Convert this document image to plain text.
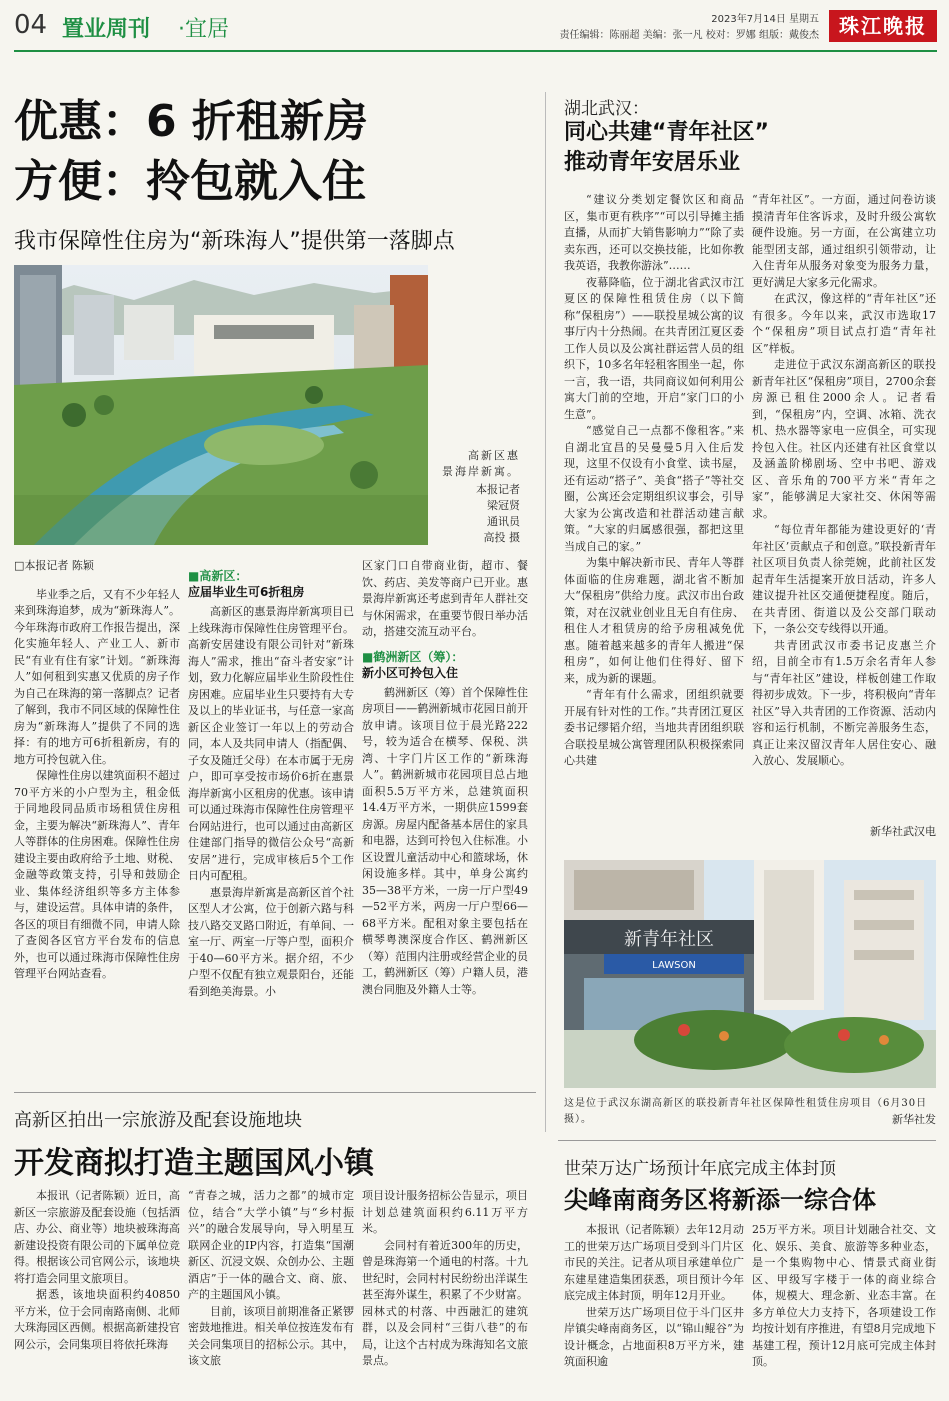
04 置业周刊 ·宜居	2023年7月14日 星期五
责任编辑：陈丽超 美编：张一凡 校对：罗娜 组版：戴俊杰	珠江晚报
优惠：6 折租新房
方便：拎包就入住
我市保障性住房为“新珠海人”提供第一落脚点
高新区惠
景海岸新寓。
本报记者
梁冠贤
通讯员
高投 摄
□本报记者 陈颖

毕业季之后，又有不少年轻人来到珠海追梦，成为“新珠海人”。今年珠海市政府工作报告提出，深化实施年轻人、产业工人、新市民“有业有住有家”计划。“新珠海人”如何租到实惠又优质的房子作为自己在珠海的第一落脚点？记者了解到，我市不同区域的保障性住房为“新珠海人”提供了不同的选择：有的地方可6折租新房，有的地方可拎包就入住。

保障性住房以建筑面积不超过70平方米的小户型为主，租金低于同地段同品质市场租赁住房租金，主要为解决“新珠海人”、青年人等群体的住房困难。保障性住房建设主要由政府给予土地、财税、金融等政策支持，引导和鼓励企业、集体经济组织等多方主体参与，建设运营。具体申请的条件，各区的项目有细微不同，申请人除了查阅各区官方平台发布的信息外，也可以通过珠海市保障性住房管理平台网站查看。

■高新区：
应届毕业生可6折租房

高新区的惠景海岸新寓项目已上线珠海市保障性住房管理平台。高新安居建设有限公司针对“新珠海人”需求，推出“奋斗者安家”计划，致力化解应届毕业生阶段性住房困难。应届毕业生只要持有大专及以上的毕业证书，与任意一家高新区企业签订一年以上的劳动合同，本人及共同申请人（指配偶、子女及随迁父母）在本市属于无房户，即可享受按市场价6折在惠景海岸新寓小区租房的优惠。该申请可以通过珠海市保障性住房管理平台网站进行，也可以通过由高新区住建部门指导的微信公众号“高新安居”进行，完成审核后5个工作日内可配租。

惠景海岸新寓是高新区首个社区型人才公寓，位于创新六路与科技八路交叉路口附近，有单间、一室一厅、两室一厅等户型，面积介于40—60平方米。据介绍，不少户型不仅配有独立观景阳台，还能看到绝美海景。小

区家门口自带商业街，超市、餐饮、药店、美发等商户已开业。惠景海岸新寓还考虑到青年人群社交与休闲需求，在重要节假日举办活动，搭建交流互动平台。

■鹤洲新区（筹）：
新小区可拎包入住

鹤洲新区（筹）首个保障性住房项目——鹤洲新城市花园日前开放申请。该项目位于晨光路222号，较为适合在横琴、保税、洪湾、十字门片区工作的“新珠海人”。鹤洲新城市花园项目总占地面积5.5万平方米，总建筑面积14.4万平方米，一期供应1599套房源。房屋内配备基本居住的家具和电器，达到可拎包入住标准。小区设置儿童活动中心和篮球场，休闲设施多样。其中，单身公寓约35—38平方米，一房一厅户型49—52平方米，两房一厅户型66—68平方米。配租对象主要包括在横琴粤澳深度合作区、鹤洲新区（筹）范围内注册或经营企业的员工，鹤洲新区（筹）户籍人员，港澳台同胞及外籍人士等。

湖北武汉：
同心共建“青年社区”
推动青年安居乐业

“建议分类划定餐饮区和商品区，集市更有秩序”“可以引导摊主插直播，从而扩大销售影响力”“除了卖卖东西，还可以交换技能，比如你教我英语，我教你游泳”……

夜幕降临，位于湖北省武汉市江夏区的保障性租赁住房（以下简称“保租房”）——联投星城公寓的议事厅内十分热闹。在共青团江夏区委工作人员以及公寓社群运营人员的组织下，10多名年轻租客围坐一起，你一言，我一语，共同商议如何利用公寓大门前的空地，开启“家门口的小生意”。

“感觉自己一点都不像租客。”来自湖北宜昌的吴曼曼5月入住后发现，这里不仅设有小食堂、读书屋，还有运动“搭子”、美食“搭子”等社交圈，公寓还会定期组织议事会，引导大家为公寓改造和社群活动建言献策。“大家的归属感很强，都把这里当成自己的家。”

为集中解决新市民、青年人等群体面临的住房难题，湖北省不断加大“保租房”供给力度。武汉市出台政策，对在汉就业创业且无自有住房、租住人才租赁房的给予房租减免优惠。随着越来越多的青年人搬进“保租房”，如何让他们住得好、留下来，成为新的课题。

“青年有什么需求，团组织就要开展有针对性的工作。”共青团江夏区委书记缪韬介绍，当地共青团组织联合联投星城公寓管理团队积极探索同心共建

“青年社区”。一方面，通过问卷访谈摸清青年住客诉求，及时升级公寓软硬件设施。另一方面，在公寓建立功能型团支部，通过组织引领带动，让入住青年从服务对象变为服务力量，更好满足大家多元化需求。

在武汉，像这样的“青年社区”还有很多。今年以来，武汉市选取17个“保租房”项目试点打造“青年社区”样板。

走进位于武汉东湖高新区的联投新青年社区“保租房”项目，2700余套房源已租住2000余人。记者看到，“保租房”内，空调、冰箱、洗衣机、热水器等家电一应俱全，可实现拎包入住。社区内还建有社区食堂以及涵盖阶梯剧场、空中书吧、游戏区、音乐角的700平方米“青年之家”，能够满足大家社交、休闲等需求。

“每位青年都能为建设更好的‘青年社区’贡献点子和创意。”联投新青年社区项目负责人徐莞婉，此前社区发起青年生活提案开放日活动，许多人建议提升社区交通便捷程度。随后，在共青团、街道以及公交部门联动下，一条公交专线得以开通。

共青团武汉市委书记皮惠兰介绍，目前全市有1.5万余名青年人参与“青年社区”建设，样板创建工作取得初步成效。下一步，将积极向“青年社区”导入共青团的工作资源、活动内容和运行机制，不断完善服务生态，真正让来汉留汉青年人居住安心、融入放心、发展顺心。

新华社武汉电
新青年社区
LAWSON
这是位于武汉东湖高新区的联投新青年社区保障性租赁住房项目（6月30日摄）。	新华社发
高新区拍出一宗旅游及配套设施地块
开发商拟打造主题国风小镇

本报讯（记者陈颖）近日，高新区一宗旅游及配套设施（包括酒店、办公、商业等）地块被珠海高新建设投资有限公司的下属单位竞得。根据该公司官网公示，该地块将打造会同里文旅项目。

据悉，该地块面积约40850平方米，位于会同南路南侧、北师大珠海园区西侧。根据高新建投官网公示，会同集项目将依托珠海

“青春之城，活力之都”的城市定位，结合“大学小镇”与“乡村振兴”的融合发展导向，导入明星互联网企业的IP内容，打造集“国潮新区、沉浸文娱、众创办公、主题酒店”于一体的融合文、商、旅、产的主题国风小镇。

目前，该项目前期准备正紧锣密鼓地推进。相关单位按连发布有关会同集项目的招标公示。其中，该文旅

项目设计服务招标公告显示，项目计划总建筑面积约6.11万平方米。

会同村有着近300年的历史，曾是珠海第一个通电的村落。十九世纪时，会同村村民纷纷出洋谋生甚至海外谋生，积累了不少财富。园林式的村落、中西融汇的建筑群，以及会同村“三街八巷”的布局，让这个古村成为珠海知名文旅景点。

世荣万达广场预计年底完成主体封顶
尖峰南商务区将新添一综合体

本报讯（记者陈颖）去年12月动工的世荣万达广场项目受到斗门片区市民的关注。记者从项目承建单位广东建星建造集团获悉，项目预计今年底完成主体封顶，明年12月开业。

世荣万达广场项目位于斗门区井岸镇尖峰南商务区，以“锦山鲲谷”为设计概念，占地面积8万平方米，建筑面积逾

25万平方米。项目计划融合社交、文化、娱乐、美食、旅游等多种业态，是一个集购物中心、情景式商业街区、甲级写字楼于一体的商业综合体，规模大、理念新、业态丰富。在多方单位大力支持下，各项建设工作均按计划有序推进，有望8月完成地下基建工程，预计12月底可完成主体封顶。
